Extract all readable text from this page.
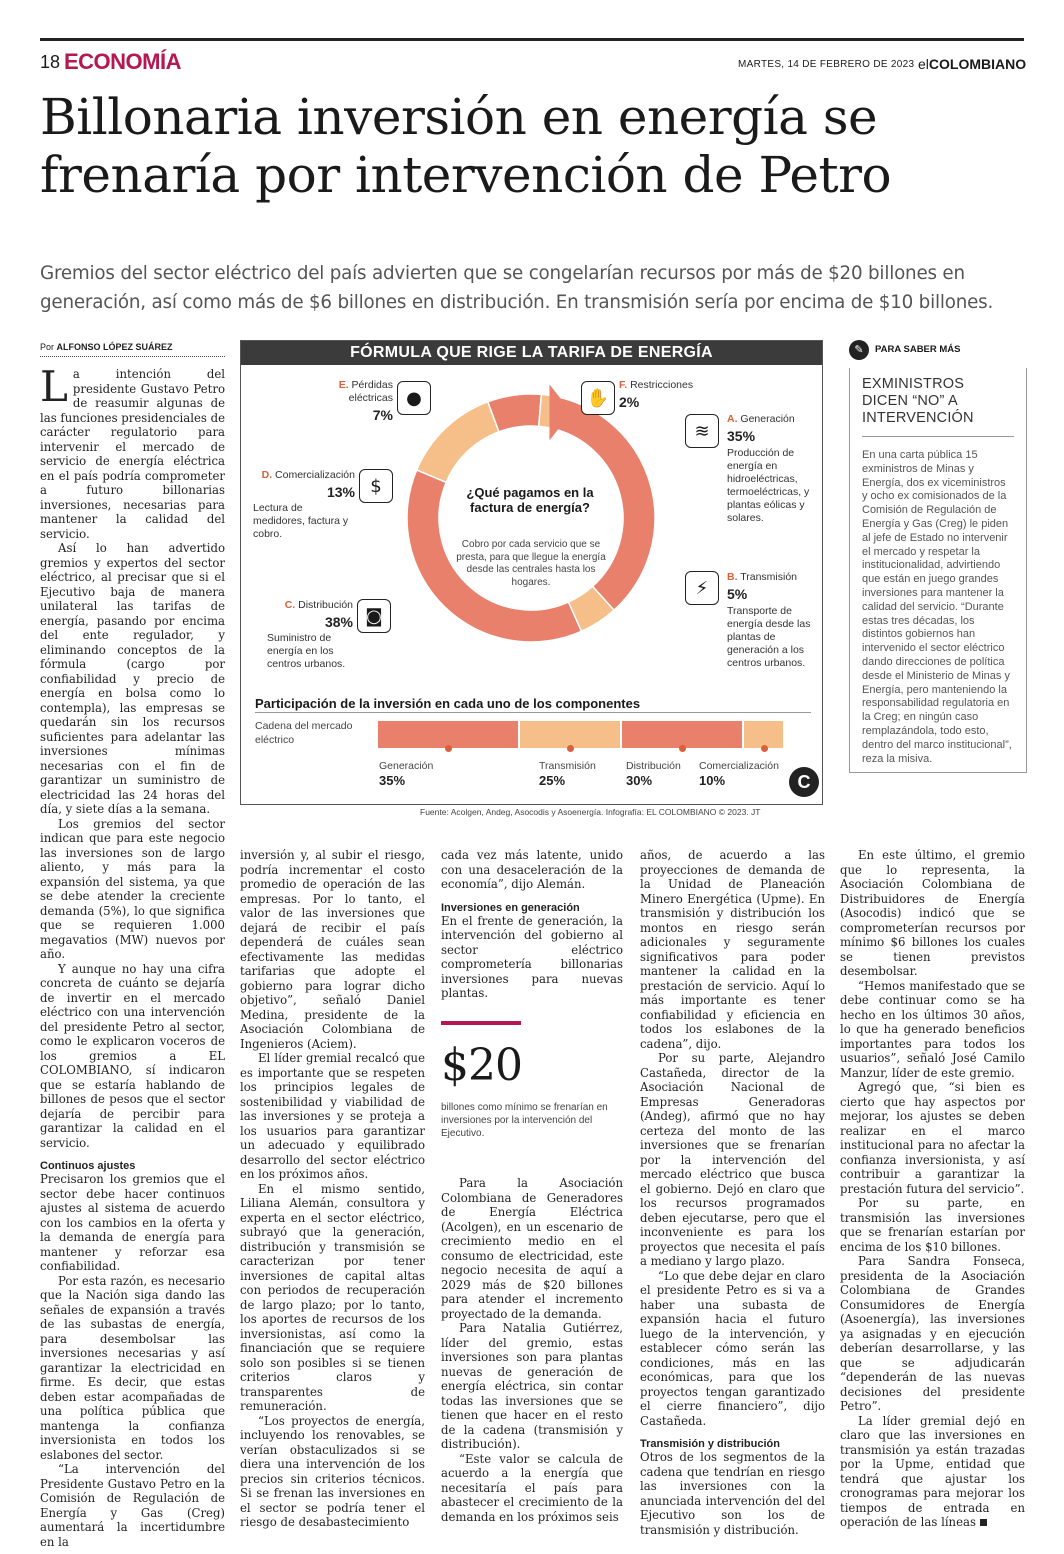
18 ECONOMÍA	MARTES, 14 DE FEBRERO DE 2023 elCOLOMBIANO
Billonaria inversión en energía se frenaría por intervención de Petro
Gremios del sector eléctrico del país advierten que se congelarían recursos por más de $20 billones en generación, así como más de $6 billones en distribución. En transmisión sería por encima de $10 billones.
Por ALFONSO LÓPEZ SUÁREZ

La intención del presidente Gustavo Petro de reasumir algunas de las funciones presidenciales de carácter regulatorio para intervenir el mercado de servicio de energía eléctrica en el país podría comprometer a futuro billonarias inversiones, necesarias para mantener la calidad del servicio.

Así lo han advertido gremios y expertos del sector eléctrico, al precisar que si el Ejecutivo baja de manera unilateral las tarifas de energía, pasando por encima del ente regulador, y eliminando conceptos de la fórmula (cargo por confiabilidad y precio de energía en bolsa como lo contempla), las empresas se quedarán sin los recursos suficientes para adelantar las inversiones mínimas necesarias con el fin de garantizar un suministro de electricidad las 24 horas del día, y siete días a la semana.

Los gremios del sector indican que para este negocio las inversiones son de largo aliento, y más para la expansión del sistema, ya que se debe atender la creciente demanda (5%), lo que significa que se requieren 1.000 megavatios (MW) nuevos por año.

Y aunque no hay una cifra concreta de cuánto se dejaría de invertir en el mercado eléctrico con una intervención del presidente Petro al sector, como le explicaron voceros de los gremios a EL COLOMBIANO, sí indicaron que se estaría hablando de billones de pesos que el sector dejaría de percibir para garantizar la calidad en el servicio.

Continuos ajustes

Precisaron los gremios que el sector debe hacer continuos ajustes al sistema de acuerdo con los cambios en la oferta y la demanda de energía para mantener y reforzar esa confiabilidad.

Por esta razón, es necesario que la Nación siga dando las señales de expansión a través de las subastas de energía, para desembolsar las inversiones necesarias y así garantizar la electricidad en firme. Es decir, que estas deben estar acompañadas de una política pública que mantenga la confianza inversionista en todos los eslabones del sector.

“La intervención del Presidente Gustavo Petro en la Comisión de Regulación de Energía y Gas (Creg) aumentará la incertidumbre en la

FÓRMULA QUE RIGE LA TARIFA DE ENERGÍA
¿Qué pagamos en la factura de energía?
Cobro por cada servicio que se presta, para que llegue la energía desde las centrales hasta los hogares.
≋
A. Generación
35%
Producción de energía en hidroeléctricas, termoeléctricas, y plantas eólicas y solares.
⚡
B. Transmisión
5%
Transporte de energía desde las plantas de generación a los centros urbanos.
C. Distribución
38%
Suministro de energía en los centros urbanos.
◙
D. Comercialización
13%
Lectura de medidores, factura y cobro.
$
E. Pérdidas eléctricas
7%
●	✋
F. Restricciones
2%
Participación de la inversión en cada uno de los componentes
Cadena del mercado eléctrico
Generación
35%
Transmisión
25%
Distribución
30%
Comercialización
10%	C
Fuente: Acolgen, Andeg, Asocodis y Asoenergía. Infografía: EL COLOMBIANO © 2023. JT
✎	PARA SABER MÁS
EXMINISTROS DICEN “NO” A INTERVENCIÓN
En una carta pública 15 exministros de Minas y Energía, dos ex viceministros y ocho ex comisionados de la Comisión de Regulación de Energía y Gas (Creg) le piden al jefe de Estado no intervenir el mercado y respetar la institucionalidad, advirtiendo que están en juego grandes inversiones para mantener la calidad del servicio. “Durante estas tres décadas, los distintos gobiernos han intervenido el sector eléctrico dando direcciones de política desde el Ministerio de Minas y Energía, pero manteniendo la responsabilidad regulatoria en la Creg; en ningún caso remplazándola, todo esto, dentro del marco institucional”, reza la misiva.

inversión y, al subir el riesgo, podría incrementar el costo promedio de operación de las empresas. Por lo tanto, el valor de las inversiones que dejará de recibir el país dependerá de cuáles sean efectivamente las medidas tarifarias que adopte el gobierno para lograr dicho objetivo”, señaló Daniel Medina, presidente de la Asociación Colombiana de Ingenieros (Aciem).

El líder gremial recalcó que es importante que se respeten los principios legales de sostenibilidad y viabilidad de las inversiones y se proteja a los usuarios para garantizar un adecuado y equilibrado desarrollo del sector eléctrico en los próximos años.

En el mismo sentido, Liliana Alemán, consultora y experta en el sector eléctrico, subrayó que la generación, distribución y transmisión se caracterizan por tener inversiones de capital altas con periodos de recuperación de largo plazo; por lo tanto, los aportes de recursos de los inversionistas, así como la financiación que se requiere solo son posibles si se tienen criterios claros y transparentes de remuneración.

“Los proyectos de energía, incluyendo los renovables, se verían obstaculizados si se diera una intervención de los precios sin criterios técnicos. Si se frenan las inversiones en el sector se podría tener el riesgo de desabastecimiento

cada vez más latente, unido con una desaceleración de la economía”, dijo Alemán.

Inversiones en generación

En el frente de generación, la intervención del gobierno al sector eléctrico comprometería billonarias inversiones para nuevas plantas.

$20
billones como mínimo se frenarían en inversiones por la intervención del Ejecutivo.

Para la Asociación Colombiana de Generadores de Energía Eléctrica (Acolgen), en un escenario de crecimiento medio en el consumo de electricidad, este negocio necesita de aquí a 2029 más de $20 billones para atender el incremento proyectado de la demanda.

Para Natalia Gutiérrez, líder del gremio, estas inversiones son para plantas nuevas de generación de energía eléctrica, sin contar todas las inversiones que se tienen que hacer en el resto de la cadena (transmisión y distribución).

“Este valor se calcula de acuerdo a la energía que necesitaría el país para abastecer el crecimiento de la demanda en los próximos seis

años, de acuerdo a las proyecciones de demanda de la Unidad de Planeación Minero Energética (Upme). En transmisión y distribución los montos en riesgo serán adicionales y seguramente significativos para poder mantener la calidad en la prestación de servicio. Aquí lo más importante es tener confiabilidad y eficiencia en todos los eslabones de la cadena”, dijo.

Por su parte, Alejandro Castañeda, director de la Asociación Nacional de Empresas Generadoras (Andeg), afirmó que no hay certeza del monto de las inversiones que se frenarían por la intervención del mercado eléctrico que busca el gobierno. Dejó en claro que los recursos programados deben ejecutarse, pero que el inconveniente es para los proyectos que necesita el país a mediano y largo plazo.

“Lo que debe dejar en claro el presidente Petro es si va a haber una subasta de expansión hacia el futuro luego de la intervención, y establecer cómo serán las condiciones, más en las económicas, para que los proyectos tengan garantizado el cierre financiero”, dijo Castañeda.

Transmisión y distribución

Otros de los segmentos de la cadena que tendrían en riesgo las inversiones con la anunciada intervención del del Ejecutivo son los de transmisión y distribución.

En este último, el gremio que lo representa, la Asociación Colombiana de Distribuidores de Energía (Asocodis) indicó que se comprometerían recursos por mínimo $6 billones los cuales se tienen previstos desembolsar.

“Hemos manifestado que se debe continuar como se ha hecho en los últimos 30 años, lo que ha generado beneficios importantes para todos los usuarios”, señaló José Camilo Manzur, líder de este gremio.

Agregó que, “si bien es cierto que hay aspectos por mejorar, los ajustes se deben realizar en el marco institucional para no afectar la confianza inversionista, y así contribuir a garantizar la prestación futura del servicio”.

Por su parte, en transmisión las inversiones que se frenarían estarían por encima de los $10 billones.

Para Sandra Fonseca, presidenta de la Asociación Colombiana de Grandes Consumidores de Energía (Asoenergía), las inversiones ya asignadas y en ejecución deberían desarrollarse, y las que se adjudicarán “dependerán de las nuevas decisiones del presidente Petro”.

La líder gremial dejó en claro que las inversiones en transmisión ya están trazadas por la Upme, entidad que tendrá que ajustar los cronogramas para mejorar los tiempos de entrada en operación de las líneas
